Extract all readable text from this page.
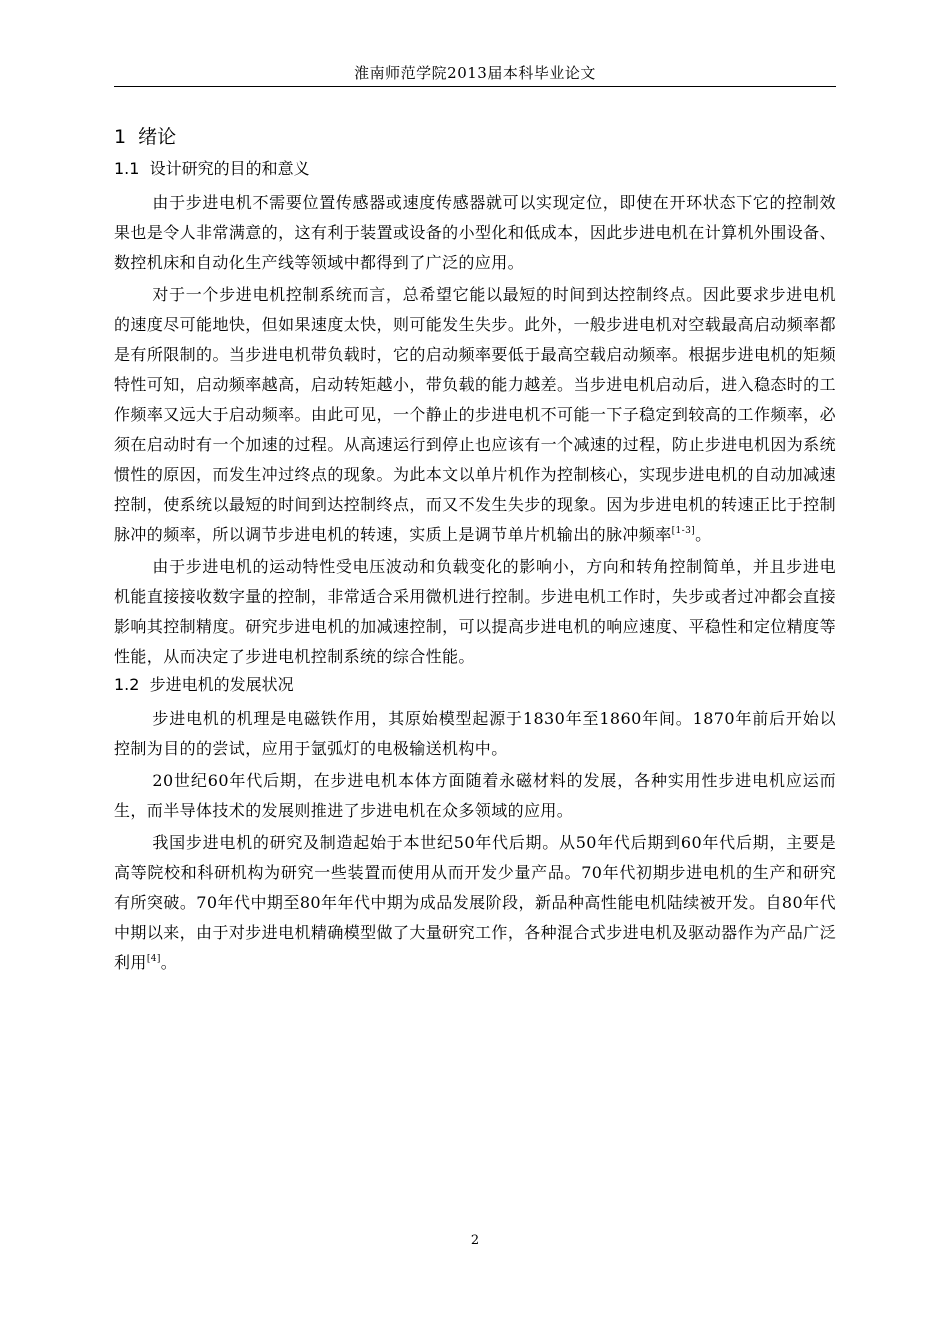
淮南师范学院2013届本科毕业论文
1  绪论
1.1  设计研究的目的和意义

由于步进电机不需要位置传感器或速度传感器就可以实现定位，即使在开环状态下它的控制效果也是令人非常满意的，这有利于装置或设备的小型化和低成本，因此步进电机在计算机外围设备、数控机床和自动化生产线等领域中都得到了广泛的应用。

对于一个步进电机控制系统而言，总希望它能以最短的时间到达控制终点。因此要求步进电机的速度尽可能地快，但如果速度太快，则可能发生失步。此外，一般步进电机对空载最高启动频率都是有所限制的。当步进电机带负载时，它的启动频率要低于最高空载启动频率。根据步进电机的矩频特性可知，启动频率越高，启动转矩越小，带负载的能力越差。当步进电机启动后，进入稳态时的工作频率又远大于启动频率。由此可见，一个静止的步进电机不可能一下子稳定到较高的工作频率，必须在启动时有一个加速的过程。从高速运行到停止也应该有一个减速的过程，防止步进电机因为系统惯性的原因，而发生冲过终点的现象。为此本文以单片机作为控制核心，实现步进电机的自动加减速控制，使系统以最短的时间到达控制终点，而又不发生失步的现象。因为步进电机的转速正比于控制脉冲的频率，所以调节步进电机的转速，实质上是调节单片机输出的脉冲频率[1-3]。

由于步进电机的运动特性受电压波动和负载变化的影响小，方向和转角控制简单，并且步进电机能直接接收数字量的控制，非常适合采用微机进行控制。步进电机工作时，失步或者过冲都会直接影响其控制精度。研究步进电机的加减速控制，可以提高步进电机的响应速度、平稳性和定位精度等性能，从而决定了步进电机控制系统的综合性能。

1.2  步进电机的发展状况

步进电机的机理是电磁铁作用，其原始模型起源于1830年至1860年间。1870年前后开始以控制为目的的尝试，应用于氩弧灯的电极输送机构中。

20世纪60年代后期，在步进电机本体方面随着永磁材料的发展，各种实用性步进电机应运而生，而半导体技术的发展则推进了步进电机在众多领域的应用。

我国步进电机的研究及制造起始于本世纪50年代后期。从50年代后期到60年代后期，主要是高等院校和科研机构为研究一些装置而使用从而开发少量产品。70年代初期步进电机的生产和研究有所突破。70年代中期至80年年代中期为成品发展阶段，新品种高性能电机陆续被开发。自80年代中期以来，由于对步进电机精确模型做了大量研究工作，各种混合式步进电机及驱动器作为产品广泛利用[4]。

2
